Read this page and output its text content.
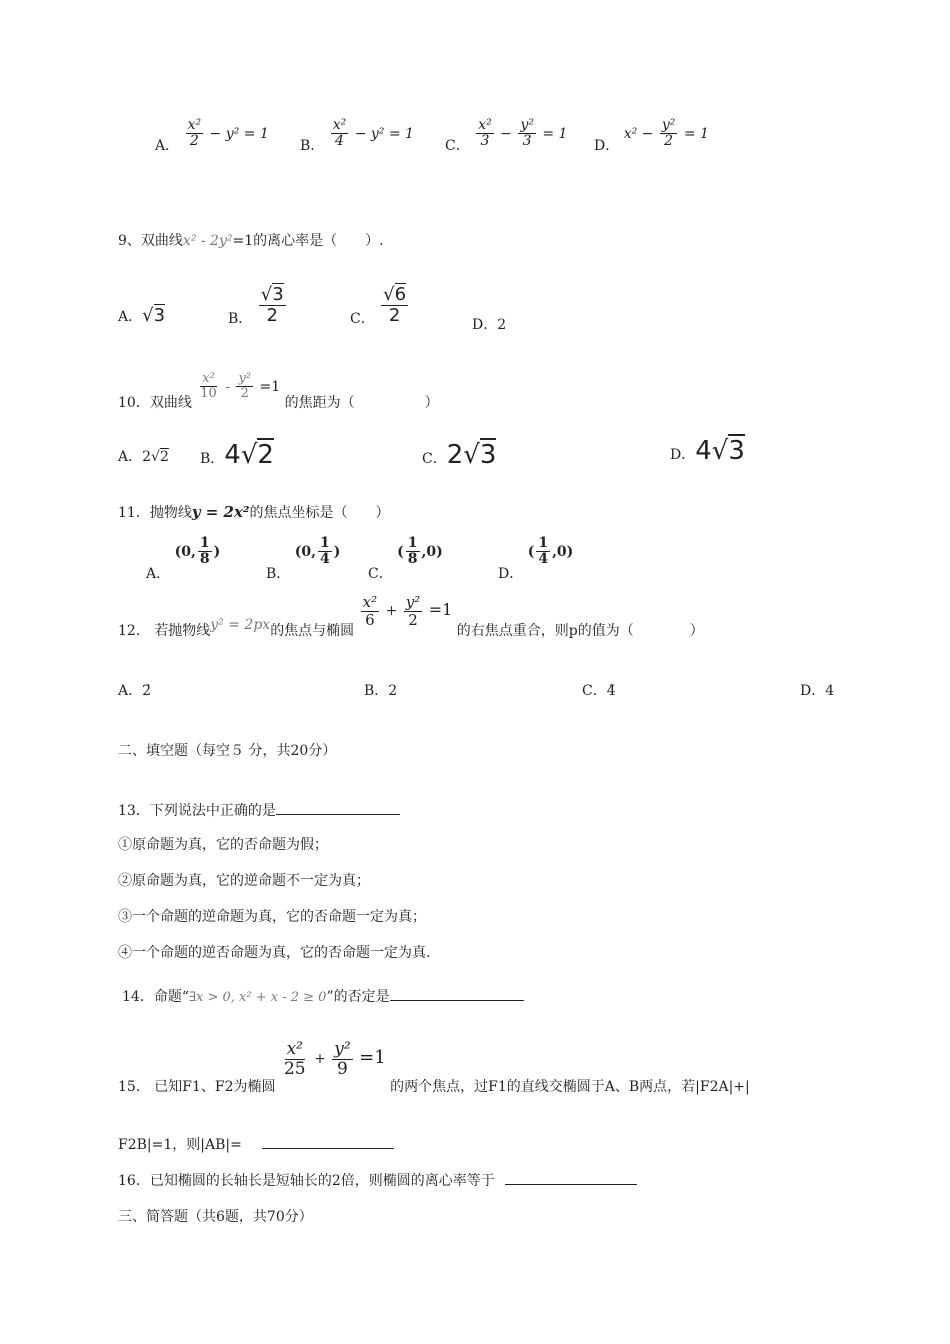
A． $\frac{\text{x²}}{2} - y^2 = 1$
B． $\frac{\text{x²}}{4} - y^2 = 1$
C． $\frac{\text{x²}}{3} - \frac{\text{y²}}{3} = 1$
D． $x^2 - \frac{\text{y²}}{2} = 1$
9、双曲线x² - 2y²=1的离心率是（　　）.
A．√3	B． $\frac{√3}{2}$	C． $\frac{√6}{2}$	D．2
10．双曲线
$\frac{\text{x²}}{10} - \frac{\text{y²}}{2} =1$ 的焦距为（　　　　　）
A．2√2 B．4√2	C．2√3	D．4√3
11．抛物线y = 2x²的焦点坐标是（　　）
A． (0, $\frac{1}{8}$ )
B． (0, $\frac{1}{4}$ )
C． ( $\frac{1}{8} ,0$)
D． ( $\frac{1}{4} ,0$)
12.　若抛物线y² = 2px的焦点与椭圆
$\frac{\text{x²}}{6} + \frac{\text{y²}}{2} =1$ 的右焦点重合，则p的值为（　　　　）
A．2̄	B．2	C．4̄	D．4
二、填空题（每空５ 分，共20分）
13．下列说法中正确的是
①原命题为真，它的否命题为假；
②原命题为真，它的逆命题不一定为真；
③一个命题的逆命题为真，它的否命题一定为真；
④一个命题的逆否命题为真，它的否命题一定为真.
14．命题“∃x > 0, x² + x - 2 ≥ 0”的否定是
15.　已知F1、F2为椭圆
$\frac{\text{x²}}{25} + \frac{\text{y²}}{9} =1$ 的两个焦点，过F1的直线交椭圆于A、B两点，若|F2A|+|
F2B|=1，则|AB|=
16．已知椭圆的长轴长是短轴长的2倍，则椭圆的离心率等于
三、简答题（共6题，共70分）
